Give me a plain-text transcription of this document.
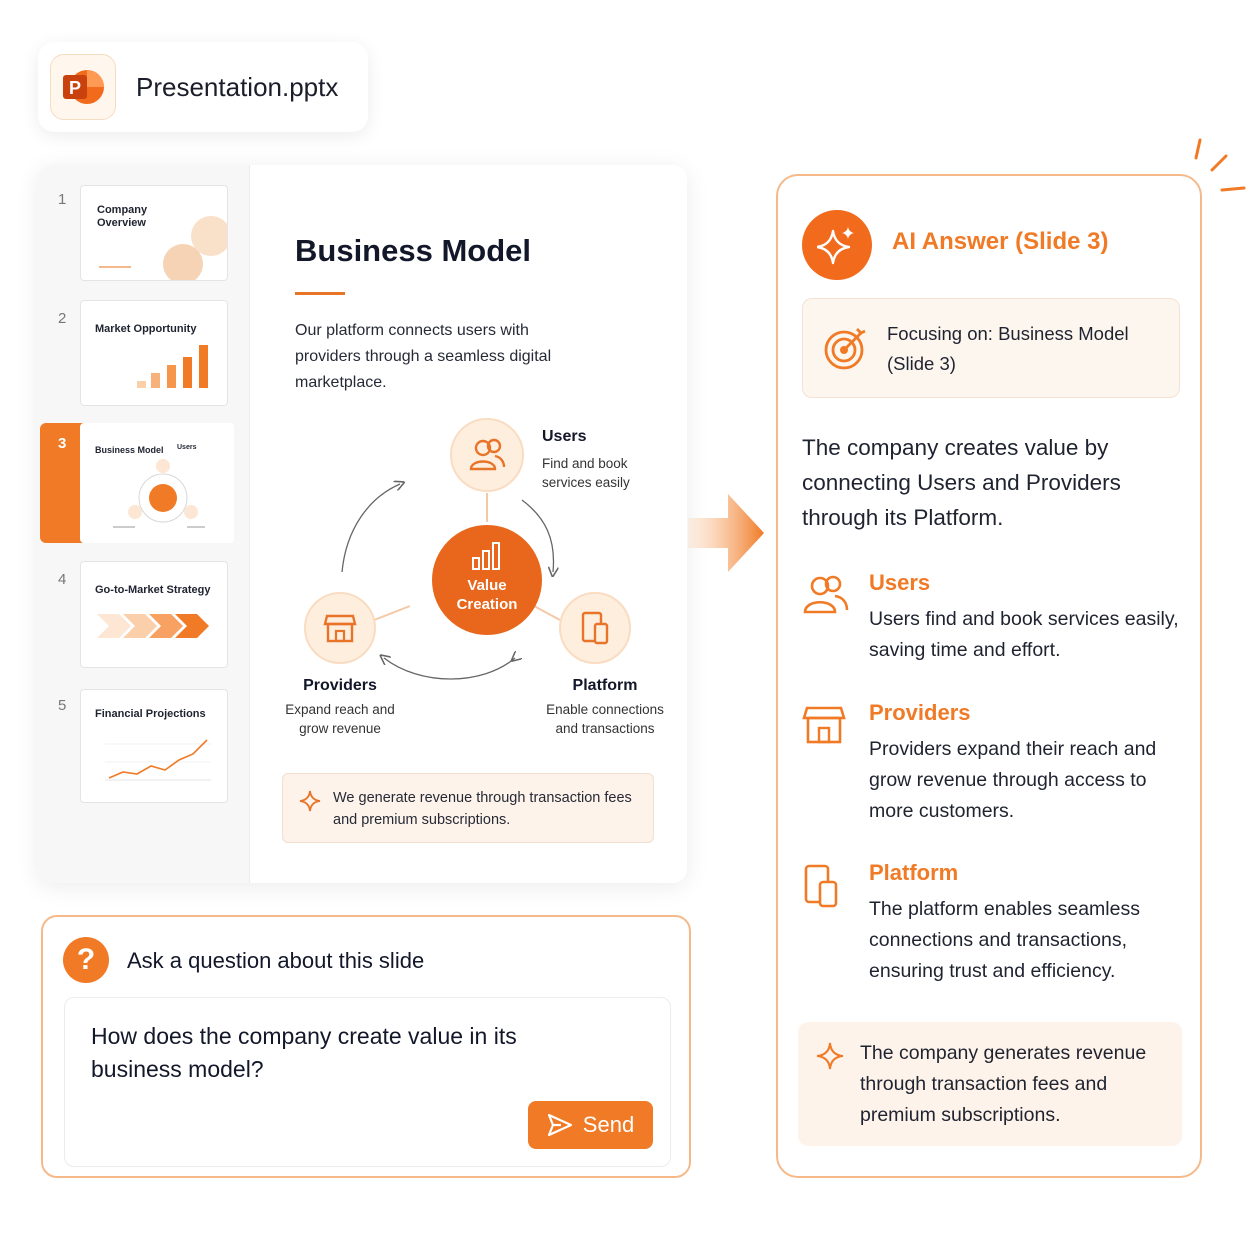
P Presentation.pptx
1
Company Overview
2
Market Opportunity
3	Business Model Users
4
Go-to-Market Strategy
5	Financial Projections
Business Model

Our platform connects users with providers through a seamless digital marketplace.

Value
Creation
Users
Find and book
services easily
Providers
Expand reach and
grow revenue
Platform
Enable connections
and transactions

We generate revenue through transaction fees and premium subscriptions.

?	Ask a question about this slide

How does the company create value in its business model?

Send
AI Answer (Slide 3)

Focusing on: Business Model (Slide 3)

The company creates value by connecting Users and Providers through its Platform.

Users

Users find and book services easily, saving time and effort.

Providers

Providers expand their reach and grow revenue through access to more customers.

Platform

The platform enables seamless connections and transactions, ensuring trust and efficiency.

The company generates revenue through transaction fees and premium subscriptions.
